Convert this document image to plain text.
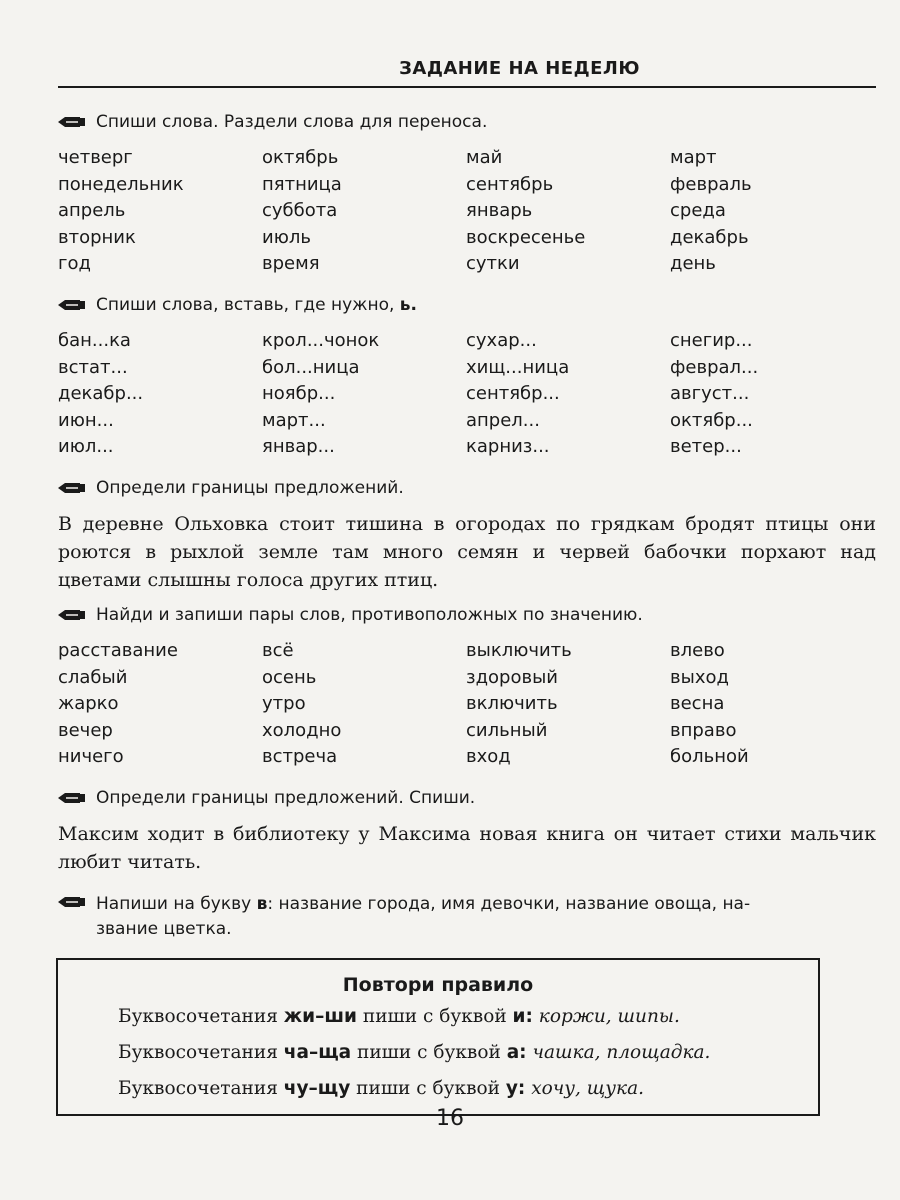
ЗАДАНИЕ НА НЕДЕЛЮ
Спиши слова. Раздели слова для переноса.
четверг	октябрь	май	март
понедельник	пятница	сентябрь	февраль
апрель	суббота	январь	среда
вторник	июль	воскресенье	декабрь
год	время	сутки	день
Спиши слова, вставь, где нужно, ь.
бан...ка	крол...чонок	сухар...	снегир...
встат...	бол...ница	хищ...ница	феврал...
декабр...	ноябр...	сентябр...	август...
июн...	март...	апрел...	октябр...
июл...	январ...	карниз...	ветер...
Определи границы предложений.
В деревне Ольховка стоит тишина в огородах по грядкам бродят птицы они роются в рыхлой земле там много семян и червей бабочки порхают над цветами слышны голоса других птиц.
Найди и запиши пары слов, противоположных по значению.
расставание	всё	выключить	влево
слабый	осень	здоровый	выход
жарко	утро	включить	весна
вечер	холодно	сильный	вправо
ничего	встреча	вход	больной
Определи границы предложений. Спиши.
Максим ходит в библиотеку у Максима новая книга он читает стихи мальчик любит читать.
Напиши на букву в: название города, имя девочки, название овоща, на-
звание цветка.
Повтори правило
Буквосочетания жи–ши пиши с буквой и: коржи, шипы.
Буквосочетания ча–ща пиши с буквой а: чашка, площадка.
Буквосочетания чу–щу пиши с буквой у: хочу, щука.
16
